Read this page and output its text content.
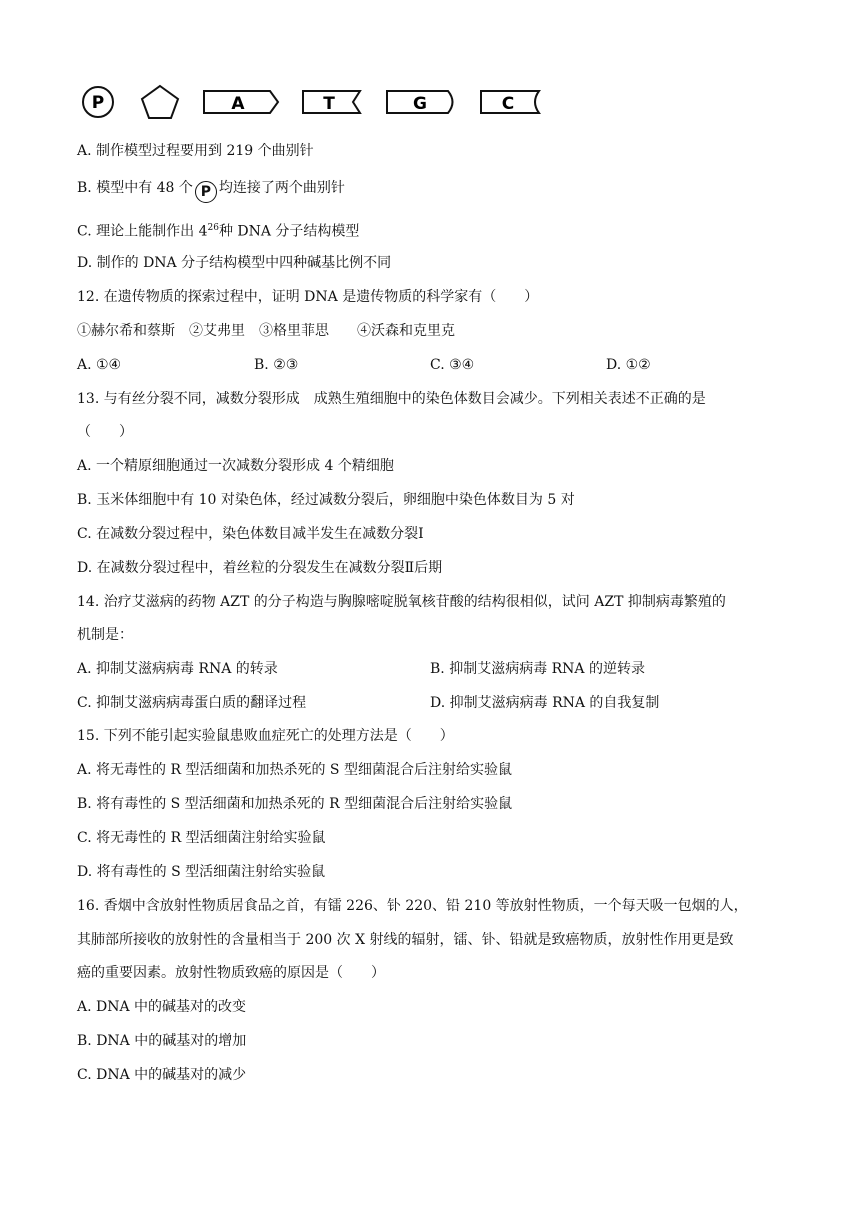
P	A	T	G	C
A. 制作模型过程要用到 219 个曲别针
B. 模型中有 48 个 P 均连接了两个曲别针
C. 理论上能制作出 $4^{26}$种 DNA 分子结构模型
D. 制作的 DNA 分子结构模型中四种碱基比例不同
12. 在遗传物质的探索过程中，证明 DNA 是遗传物质的科学家有（　　）
①赫尔希和蔡斯　②艾弗里　③格里菲思　　④沃森和克里克
A. ①④	B. ②③	C. ③④	D. ①②
13. 与有丝分裂不同，减数分裂形成　成熟生殖细胞中的染色体数目会减少。下列相关表述不正确的是
（　　）
A. 一个精原细胞通过一次减数分裂形成 4 个精细胞
B. 玉米体细胞中有 10 对染色体，经过减数分裂后，卵细胞中染色体数目为 5 对
C. 在减数分裂过程中，染色体数目减半发生在减数分裂Ⅰ
D. 在减数分裂过程中，着丝粒的分裂发生在减数分裂Ⅱ后期
14. 治疗艾滋病的药物 AZT 的分子构造与胸腺嘧啶脱氧核苷酸的结构很相似，试问 AZT 抑制病毒繁殖的
机制是：
A. 抑制艾滋病病毒 RNA 的转录	B. 抑制艾滋病病毒 RNA 的逆转录
C. 抑制艾滋病病毒蛋白质的翻译过程	D. 抑制艾滋病病毒 RNA 的自我复制
15. 下列不能引起实验鼠患败血症死亡的处理方法是（　　）
A. 将无毒性的 R 型活细菌和加热杀死的 S 型细菌混合后注射给实验鼠
B. 将有毒性的 S 型活细菌和加热杀死的 R 型细菌混合后注射给实验鼠
C. 将无毒性的 R 型活细菌注射给实验鼠
D. 将有毒性的 S 型活细菌注射给实验鼠
16. 香烟中含放射性物质居食品之首，有镭 226、钋 220、铅 210 等放射性物质，一个每天吸一包烟的人，
其肺部所接收的放射性的含量相当于 200 次 X 射线的辐射，镭、钋、铅就是致癌物质，放射性作用更是致
癌的重要因素。放射性物质致癌的原因是（　　）
A. DNA 中的碱基对的改变
B. DNA 中的碱基对的增加
C. DNA 中的碱基对的减少
